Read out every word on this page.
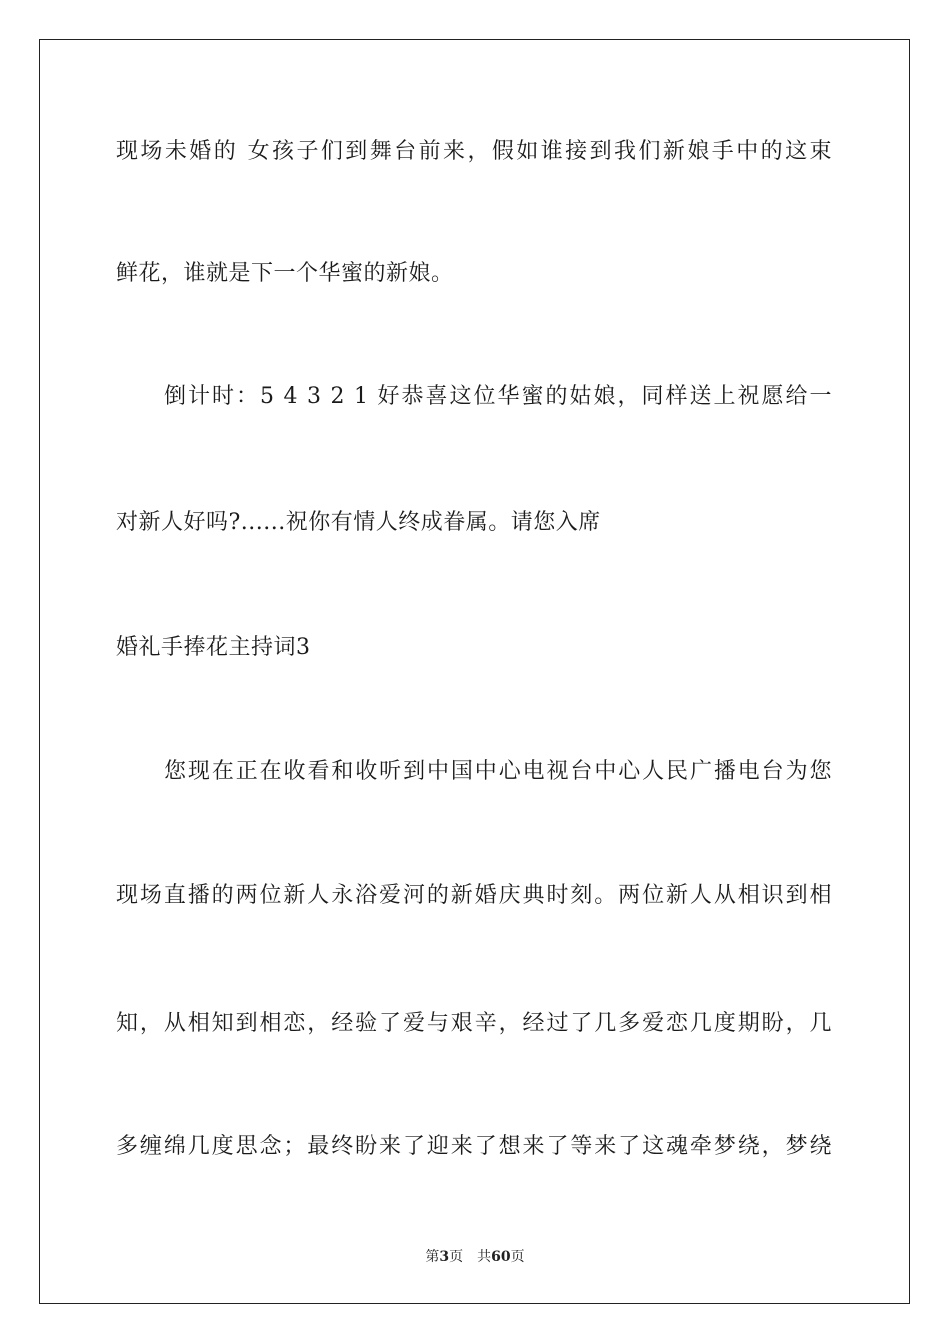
现场未婚的 女孩子们到舞台前来，假如谁接到我们新娘手中的这束
鲜花，谁就是下一个华蜜的新娘。
倒计时：5 4 3 2 1 好恭喜这位华蜜的姑娘，同样送上祝愿给一
对新人好吗?......祝你有情人终成眷属。请您入席
婚礼手捧花主持词3
您现在正在收看和收听到中国中心电视台中心人民广播电台为您
现场直播的两位新人永浴爱河的新婚庆典时刻。两位新人从相识到相
知，从相知到相恋，经验了爱与艰辛，经过了几多爱恋几度期盼，几
多缠绵几度思念；最终盼来了迎来了想来了等来了这魂牵梦绕，梦绕
第3页 共60页
